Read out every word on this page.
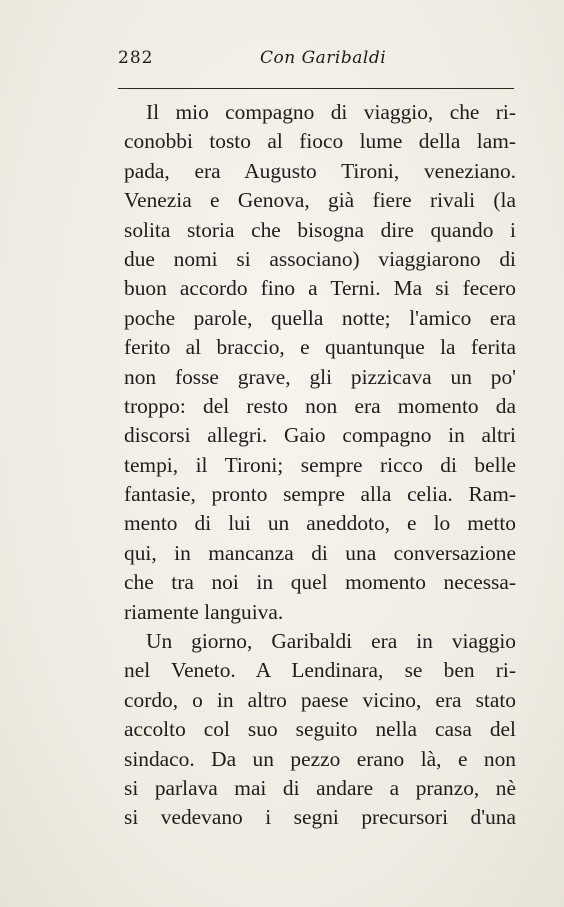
282	Con Garibaldi
Il mio compagno di viaggio, che ri-
conobbi tosto al fioco lume della lam-
pada, era Augusto Tironi, veneziano.
Venezia e Genova, già fiere rivali (la
solita storia che bisogna dire quando i
due nomi si associano) viaggiarono di
buon accordo fino a Terni. Ma si fecero
poche parole, quella notte; l'amico era
ferito al braccio, e quantunque la ferita
non fosse grave, gli pizzicava un po'
troppo: del resto non era momento da
discorsi allegri. Gaio compagno in altri
tempi, il Tironi; sempre ricco di belle
fantasie, pronto sempre alla celia. Ram-
mento di lui un aneddoto, e lo metto
qui, in mancanza di una conversazione
che tra noi in quel momento necessa-
riamente languiva.
Un giorno, Garibaldi era in viaggio
nel Veneto. A Lendinara, se ben ri-
cordo, o in altro paese vicino, era stato
accolto col suo seguito nella casa del
sindaco. Da un pezzo erano là, e non
si parlava mai di andare a pranzo, nè
si vedevano i segni precursori d'una
